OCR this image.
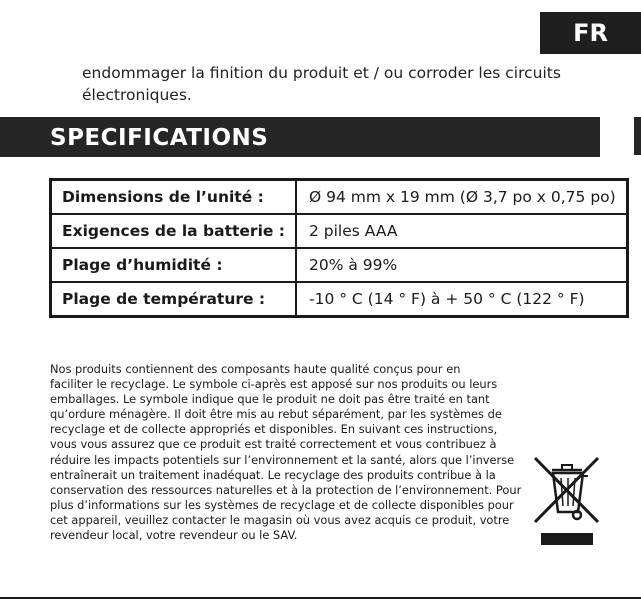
FR
endommager la finition du produit et / ou corroder les circuits
électroniques.
SPECIFICATIONS
Dimensions de l’unité :	Ø 94 mm x 19 mm (Ø 3,7 po x 0,75 po)
Exigences de la batterie :	2 piles AAA
Plage d’humidité :	20% à 99%
Plage de température :	-10 ° C (14 ° F) à + 50 ° C (122 ° F)
Nos produits contiennent des composants haute qualité conçus pour en
faciliter le recyclage. Le symbole ci-après est apposé sur nos produits ou leurs
emballages. Le symbole indique que le produit ne doit pas être traité en tant
qu’ordure ménagère. Il doit être mis au rebut séparément, par les systèmes de
recyclage et de collecte appropriés et disponibles. En suivant ces instructions,
vous vous assurez que ce produit est traité correctement et vous contribuez à
réduire les impacts potentiels sur l’environnement et la santé, alors que l’inverse
entraînerait un traitement inadéquat. Le recyclage des produits contribue à la
conservation des ressources naturelles et à la protection de l’environnement. Pour
plus d’informations sur les systèmes de recyclage et de collecte disponibles pour
cet appareil, veuillez contacter le magasin où vous avez acquis ce produit, votre
revendeur local, votre revendeur ou le SAV.
